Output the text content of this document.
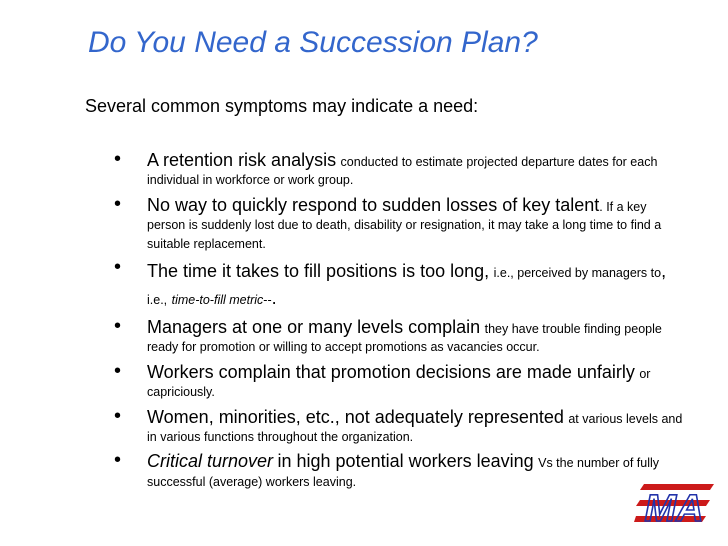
Do You Need a Succession Plan?
Several common symptoms may indicate a need:
• A retention risk analysis conducted to estimate projected departure dates for each individual in workforce or work group.
• No way to quickly respond to sudden losses of key talent. If a key person is suddenly lost due to death, disability or resignation, it may take a long time to find a suitable replacement.
• The time it takes to fill positions is too long, i.e., perceived by managers to, i.e., time-to-fill metric--.
• Managers at one or many levels complain they have trouble finding people ready for promotion or willing to accept promotions as vacancies occur.
• Workers complain that promotion decisions are made unfairly or capriciously.
• Women, minorities, etc., not adequately represented at various levels and in various functions throughout the organization.
• Critical turnover in high potential workers leaving Vs the number of fully successful (average) workers leaving.
MA
